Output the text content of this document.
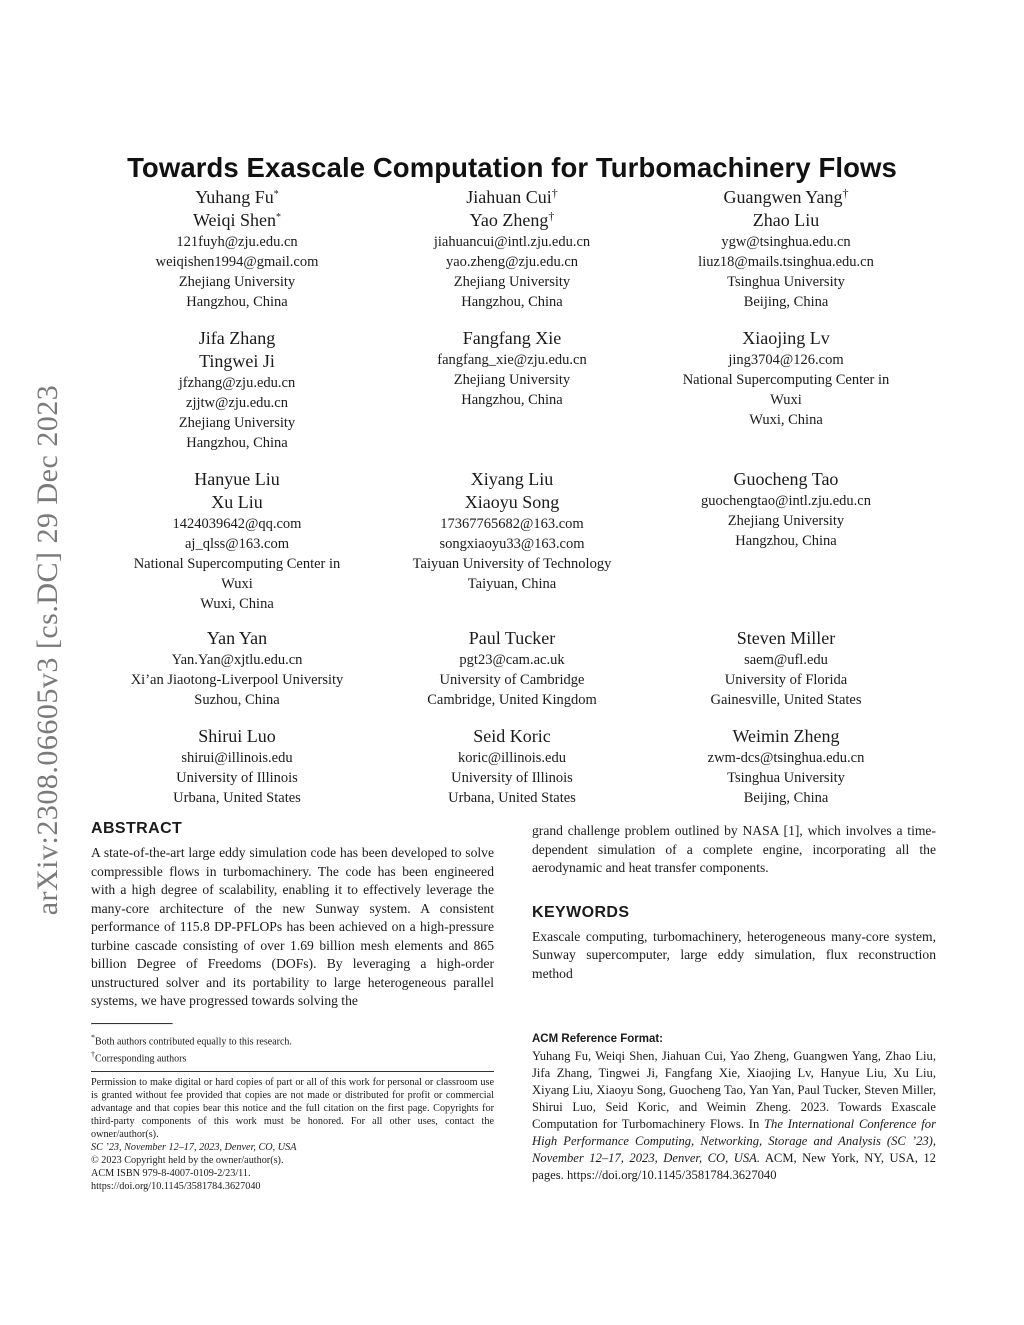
arXiv:2308.06605v3 [cs.DC] 29 Dec 2023
Towards Exascale Computation for Turbomachinery Flows
Yuhang Fu*
Weiqi Shen*
121fuyh@zju.edu.cn
weiqishen1994@gmail.com
Zhejiang University
Hangzhou, China
Jiahuan Cui†
Yao Zheng†
jiahuancui@intl.zju.edu.cn
yao.zheng@zju.edu.cn
Zhejiang University
Hangzhou, China
Guangwen Yang†
Zhao Liu
ygw@tsinghua.edu.cn
liuz18@mails.tsinghua.edu.cn
Tsinghua University
Beijing, China
Jifa Zhang
Tingwei Ji
jfzhang@zju.edu.cn
zjjtw@zju.edu.cn
Zhejiang University
Hangzhou, China
Fangfang Xie
fangfang_xie@zju.edu.cn
Zhejiang University
Hangzhou, China
Xiaojing Lv
jing3704@126.com
National Supercomputing Center in
Wuxi
Wuxi, China
Hanyue Liu
Xu Liu
1424039642@qq.com
aj_qlss@163.com
National Supercomputing Center in
Wuxi
Wuxi, China
Xiyang Liu
Xiaoyu Song
17367765682@163.com
songxiaoyu33@163.com
Taiyuan University of Technology
Taiyuan, China
Guocheng Tao
guochengtao@intl.zju.edu.cn
Zhejiang University
Hangzhou, China
Yan Yan
Yan.Yan@xjtlu.edu.cn
Xi’an Jiaotong-Liverpool University
Suzhou, China
Paul Tucker
pgt23@cam.ac.uk
University of Cambridge
Cambridge, United Kingdom
Steven Miller
saem@ufl.edu
University of Florida
Gainesville, United States
Shirui Luo
shirui@illinois.edu
University of Illinois
Urbana, United States
Seid Koric
koric@illinois.edu
University of Illinois
Urbana, United States
Weimin Zheng
zwm-dcs@tsinghua.edu.cn
Tsinghua University
Beijing, China
ABSTRACT

A state-of-the-art large eddy simulation code has been developed to solve compressible flows in turbomachinery. The code has been engineered with a high degree of scalability, enabling it to effectively leverage the many-core architecture of the new Sunway system. A consistent performance of 115.8 DP-PFLOPs has been achieved on a high-pressure turbine cascade consisting of over 1.69 billion mesh elements and 865 billion Degree of Freedoms (DOFs). By leveraging a high-order unstructured solver and its portability to large heterogeneous parallel systems, we have progressed towards solving the

*Both authors contributed equally to this research.
†Corresponding authors
Permission to make digital or hard copies of part or all of this work for personal or classroom use is granted without fee provided that copies are not made or distributed for profit or commercial advantage and that copies bear this notice and the full citation on the first page. Copyrights for third-party components of this work must be honored. For all other uses, contact the owner/author(s).
SC ’23, November 12–17, 2023, Denver, CO, USA
© 2023 Copyright held by the owner/author(s).
ACM ISBN 979-8-4007-0109-2/23/11.
https://doi.org/10.1145/3581784.3627040

grand challenge problem outlined by NASA [1], which involves a time-dependent simulation of a complete engine, incorporating all the aerodynamic and heat transfer components.

KEYWORDS

Exascale computing, turbomachinery, heterogeneous many-core system, Sunway supercomputer, large eddy simulation, flux reconstruction method

ACM Reference Format:
Yuhang Fu, Weiqi Shen, Jiahuan Cui, Yao Zheng, Guangwen Yang, Zhao Liu, Jifa Zhang, Tingwei Ji, Fangfang Xie, Xiaojing Lv, Hanyue Liu, Xu Liu, Xiyang Liu, Xiaoyu Song, Guocheng Tao, Yan Yan, Paul Tucker, Steven Miller, Shirui Luo, Seid Koric, and Weimin Zheng. 2023. Towards Exascale Computation for Turbomachinery Flows. In The International Conference for High Performance Computing, Networking, Storage and Analysis (SC ’23), November 12–17, 2023, Denver, CO, USA. ACM, New York, NY, USA, 12 pages. https://doi.org/10.1145/3581784.3627040
